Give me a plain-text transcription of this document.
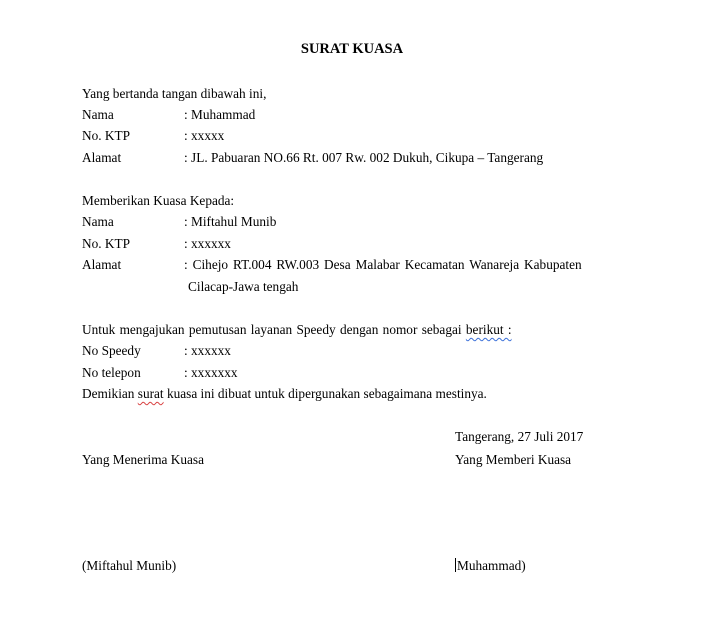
SURAT KUASA
Yang bertanda tangan dibawah ini,
Nama	: Muhammad
No. KTP	: xxxxx
Alamat	: JL. Pabuaran NO.66 Rt. 007 Rw. 002 Dukuh, Cikupa – Tangerang
Memberikan Kuasa Kepada:
Nama	: Miftahul Munib
No. KTP	: xxxxxx
Alamat	: Cihejo RT.004 RW.003 Desa Malabar Kecamatan Wanareja Kabupaten
Cilacap-Jawa tengah
Untuk mengajukan pemutusan layanan Speedy dengan nomor sebagai berikut :
No Speedy	: xxxxxx
No telepon	: xxxxxxx
Demikian surat kuasa ini dibuat untuk dipergunakan sebagaimana mestinya.
Tangerang, 27 Juli 2017
Yang Menerima Kuasa	Yang Memberi Kuasa
(Miftahul Munib)	Muhammad)
